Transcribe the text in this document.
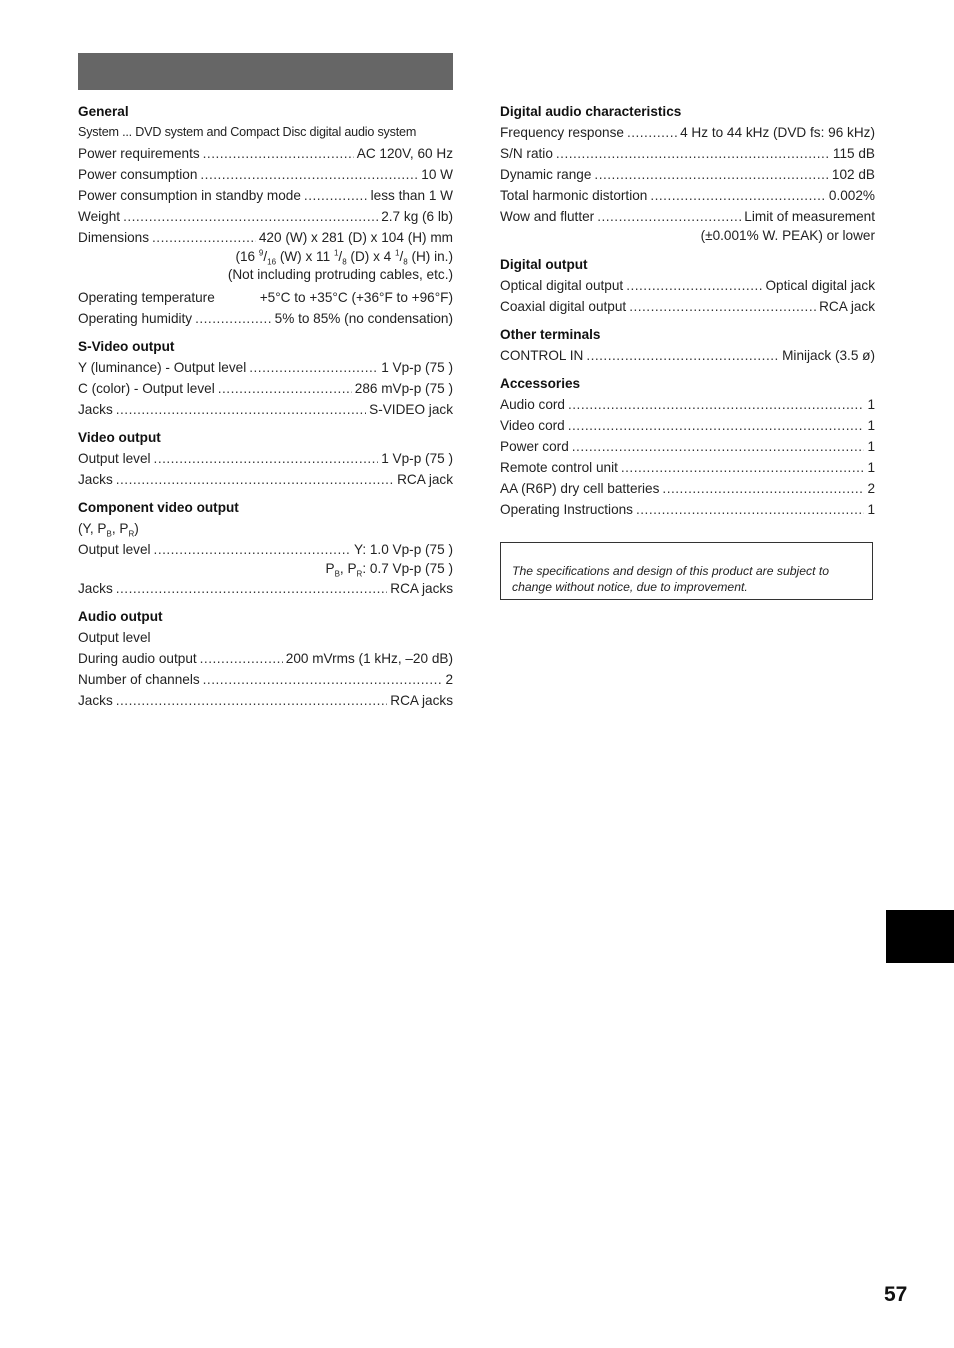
General
System ... DVD system and Compact Disc digital audio system
Power requirements .....	AC 120V, 60 Hz
Power consumption .....	10 W
Power consumption in standby mode .....	less than 1 W
Weight .....	2.7 kg (6 lb)
Dimensions .....	420 (W) x 281 (D) x 104 (H) mm
(16 $^9/_{16}$ (W) x 11 $^1/_8$ (D) x 4 $^1/_8$ (H) in.)
(Not including protruding cables, etc.)
Operating temperature	+5°C to +35°C (+36°F to +96°F)
Operating humidity .....	5% to 85% (no condensation)
S-Video output
Y (luminance) - Output level .....	1 Vp-p (75 )
C (color) - Output level .....	286 mVp-p (75 )
Jacks .....	S-VIDEO jack
Video output
Output level .....	1 Vp-p (75 )
Jacks .....	RCA jack
Component video output
(Y, $P_B$, $P_R$)
Output level .....	Y: 1.0 Vp-p (75 )
$P_B$, $P_R$: 0.7 Vp-p (75 )
Jacks .....	RCA jacks
Audio output
Output level
During audio output .....	200 mVrms (1 kHz, –20 dB)
Number of channels .....	2
Jacks .....	RCA jacks
Digital audio characteristics
Frequency response .....	4 Hz to 44 kHz (DVD fs: 96 kHz)
S/N ratio .....	115 dB
Dynamic range .....	102 dB
Total harmonic distortion .....	0.002%
Wow and flutter .....	Limit of measurement
(±0.001% W. PEAK) or lower
Digital output
Optical digital output .....	Optical digital jack
Coaxial digital output .....	RCA jack
Other terminals
CONTROL IN .....	Minijack (3.5 ø)
Accessories
Audio cord .....	1
Video cord .....	1
Power cord .....	1
Remote control unit .....	1
AA (R6P) dry cell batteries .....	2
Operating Instructions .....	1
The specifications and design of this product are subject to change without notice, due to improvement.
57
